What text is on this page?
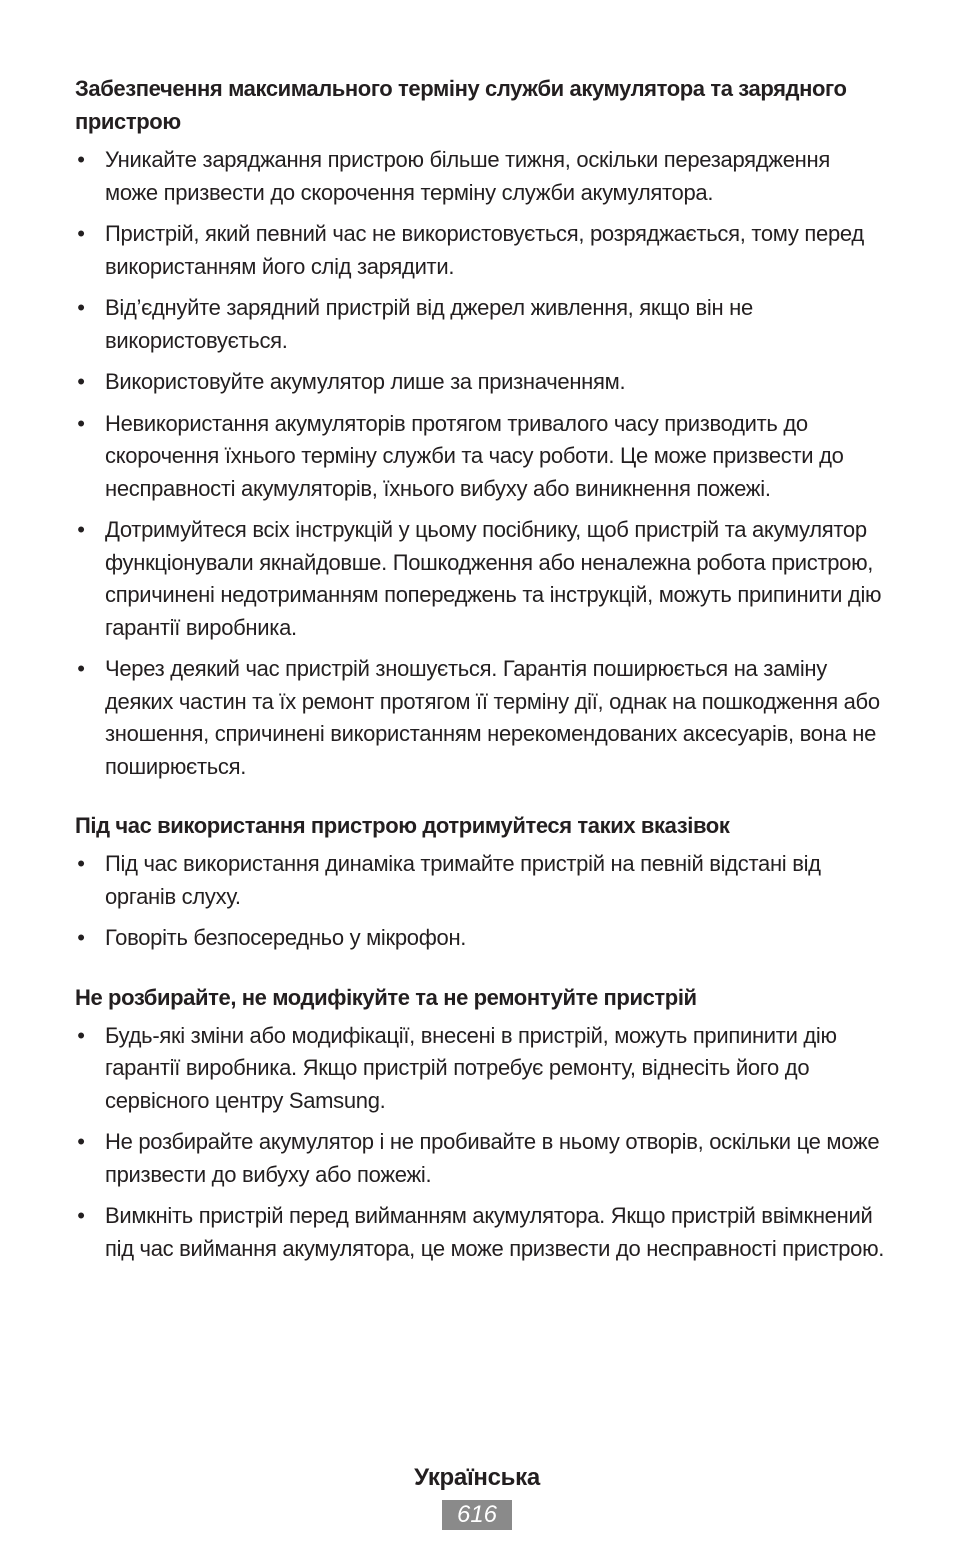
Забезпечення максимального терміну служби акумулятора та зарядного пристрою
• Уникайте заряджання пристрою більше тижня, оскільки перезарядження може призвести до скорочення терміну служби акумулятора.
• Пристрій, який певний час не використовується, розряджається, тому перед використанням його слід зарядити.
• Від’єднуйте зарядний пристрій від джерел живлення, якщо він не використовується.
• Використовуйте акумулятор лише за призначенням.
• Невикористання акумуляторів протягом тривалого часу призводить до скорочення їхнього терміну служби та часу роботи. Це може призвести до несправності акумуляторів, їхнього вибуху або виникнення пожежі.
• Дотримуйтеся всіх інструкцій у цьому посібнику, щоб пристрій та акумулятор функціонували якнайдовше. Пошкодження або неналежна робота пристрою, спричинені недотриманням попереджень та інструкцій, можуть припинити дію гарантії виробника.
• Через деякий час пристрій зношується. Гарантія поширюється на заміну деяких частин та їх ремонт протягом її терміну дії, однак на пошкодження або зношення, спричинені використанням нерекомендованих аксесуарів, вона не поширюється.
Під час використання пристрою дотримуйтеся таких вказівок
• Під час використання динаміка тримайте пристрій на певній відстані від органів слуху.
• Говоріть безпосередньо у мікрофон.
Не розбирайте, не модифікуйте та не ремонтуйте пристрій
• Будь-які зміни або модифікації, внесені в пристрій, можуть припинити дію гарантії виробника. Якщо пристрій потребує ремонту, віднесіть його до сервісного центру Samsung.
• Не розбирайте акумулятор і не пробивайте в ньому отворів, оскільки це може призвести до вибуху або пожежі.
• Вимкніть пристрій перед вийманням акумулятора. Якщо пристрій ввімкнений під час виймання акумулятора, це може призвести до несправності пристрою.
Українська
616
